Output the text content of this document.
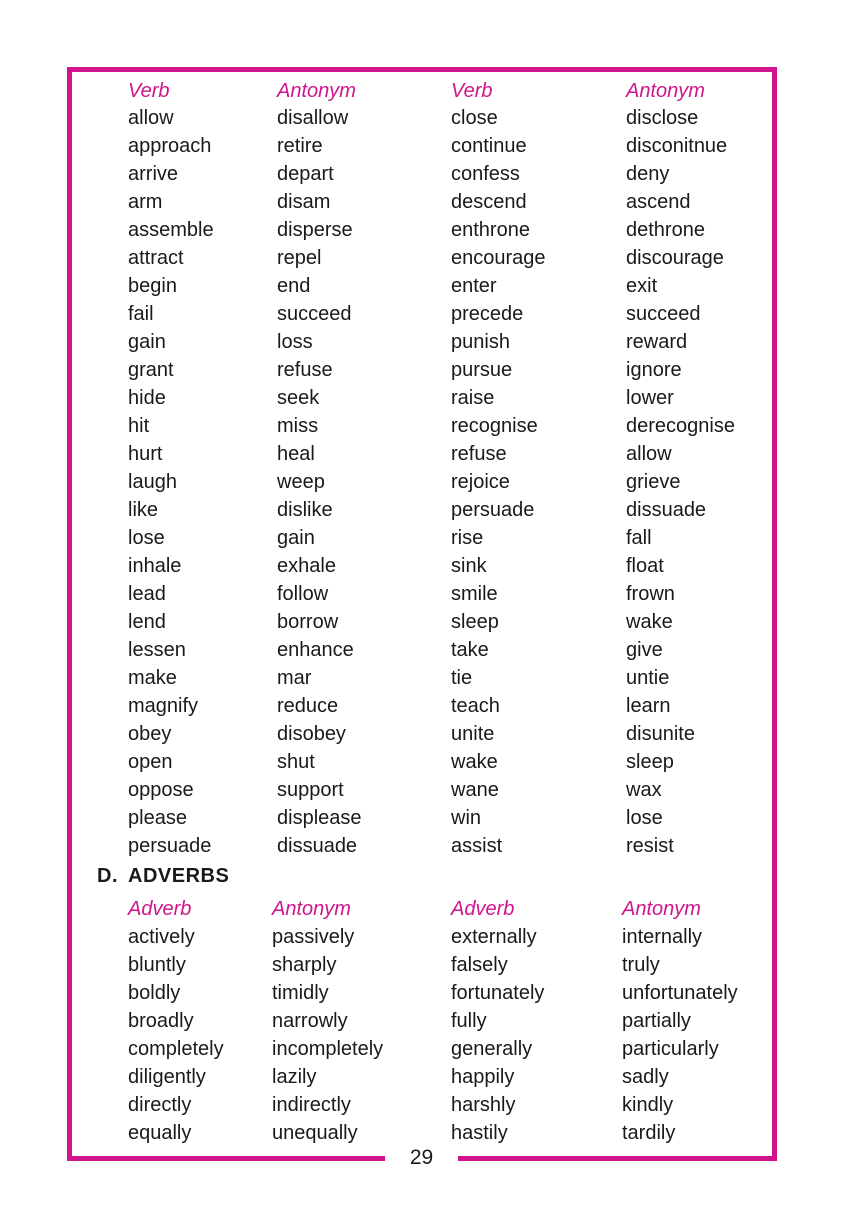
29
Verb	Antonym	Verb	Antonym
allow	disallow	close	disclose
approach	retire	continue	disconitnue
arrive	depart	confess	deny
arm	disam	descend	ascend
assemble	disperse	enthrone	dethrone
attract	repel	encourage	discourage
begin	end	enter	exit
fail	succeed	precede	succeed
gain	loss	punish	reward
grant	refuse	pursue	ignore
hide	seek	raise	lower
hit	miss	recognise	derecognise
hurt	heal	refuse	allow
laugh	weep	rejoice	grieve
like	dislike	persuade	dissuade
lose	gain	rise	fall
inhale	exhale	sink	float
lead	follow	smile	frown
lend	borrow	sleep	wake
lessen	enhance	take	give
make	mar	tie	untie
magnify	reduce	teach	learn
obey	disobey	unite	disunite
open	shut	wake	sleep
oppose	support	wane	wax
please	displease	win	lose
persuade	dissuade	assist	resist
D. ADVERBS
Adverb	Antonym	Adverb	Antonym
actively	passively	externally	internally
bluntly	sharply	falsely	truly
boldly	timidly	fortunately	unfortunately
broadly	narrowly	fully	partially
completely incompletely	generally	particularly
diligently	lazily	happily	sadly
directly	indirectly	harshly	kindly
equally	unequally	hastily	tardily
